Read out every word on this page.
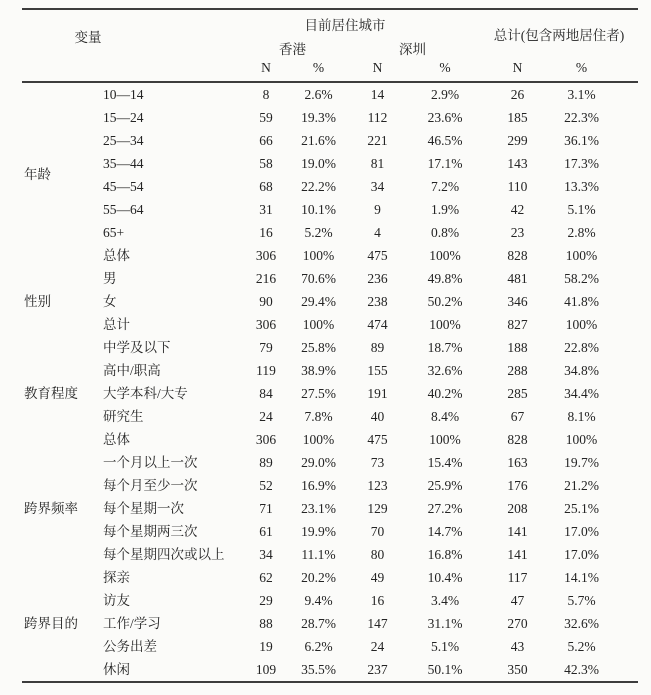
变量		目前居住城市				总计(包含两地居住者)	
		香港		深圳			
		N	%	N	%	N	%
年龄	10—14	8	2.6%	14	2.9%	26	3.1%
	15—24	59	19.3%	112	23.6%	185	22.3%
	25—34	66	21.6%	221	46.5%	299	36.1%
	35—44	58	19.0%	81	17.1%	143	17.3%
	45—54	68	22.2%	34	7.2%	110	13.3%
	55—64	31	10.1%	9	1.9%	42	5.1%
	65+	16	5.2%	4	0.8%	23	2.8%
	总体	306	100%	475	100%	828	100%
性别	男	216	70.6%	236	49.8%	481	58.2%
	女	90	29.4%	238	50.2%	346	41.8%
	总计	306	100%	474	100%	827	100%
教育程度	中学及以下	79	25.8%	89	18.7%	188	22.8%
	高中/职高	119	38.9%	155	32.6%	288	34.8%
	大学本科/大专	84	27.5%	191	40.2%	285	34.4%
	研究生	24	7.8%	40	8.4%	67	8.1%
	总体	306	100%	475	100%	828	100%
跨界频率	一个月以上一次	89	29.0%	73	15.4%	163	19.7%
	每个月至少一次	52	16.9%	123	25.9%	176	21.2%
	每个星期一次	71	23.1%	129	27.2%	208	25.1%
	每个星期两三次	61	19.9%	70	14.7%	141	17.0%
	每个星期四次或以上	34	11.1%	80	16.8%	141	17.0%
跨界目的	探亲	62	20.2%	49	10.4%	117	14.1%
	访友	29	9.4%	16	3.4%	47	5.7%
	工作/学习	88	28.7%	147	31.1%	270	32.6%
	公务出差	19	6.2%	24	5.1%	43	5.2%
	休闲	109	35.5%	237	50.1%	350	42.3%
